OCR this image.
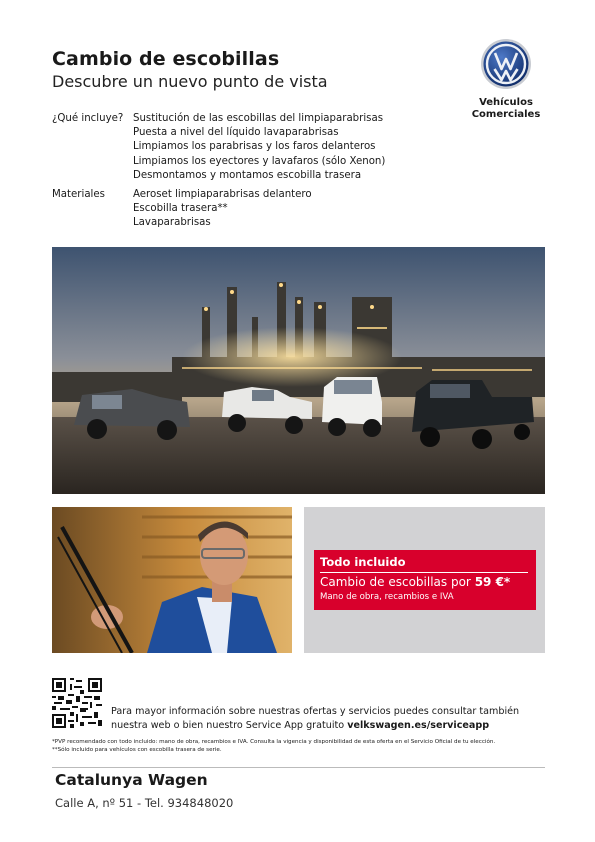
Cambio de escobillas
Descubre un nuevo punto de vista
Vehículos
Comerciales
¿Qué incluye? Sustitución de las escobillas del limpiaparabrisas
Puesta a nivel del líquido lavaparabrisas
Limpiamos los parabrisas y los faros delanteros
Limpiamos los eyectores y lavafaros (sólo Xenon)
Desmontamos y montamos escobilla trasera
Materiales	Aeroset limpiaparabrisas delantero
Escobilla trasera**
Lavaparabrisas
Todo incluido
Cambio de escobillas por 59 €*
Mano de obra, recambios e IVA
Para mayor información sobre nuestras ofertas y servicios puedes consultar también nuestra web o bien nuestro Service App gratuito velkswagen.es/serviceapp
*PVP recomendado con todo incluido: mano de obra, recambios e IVA. Consulta la vigencia y disponibilidad de esta oferta en el Servicio Oficial de tu elección.
**Sólo incluido para vehículos con escobilla trasera de serie.
Catalunya Wagen
Calle A, nº 51 - Tel. 934848020
